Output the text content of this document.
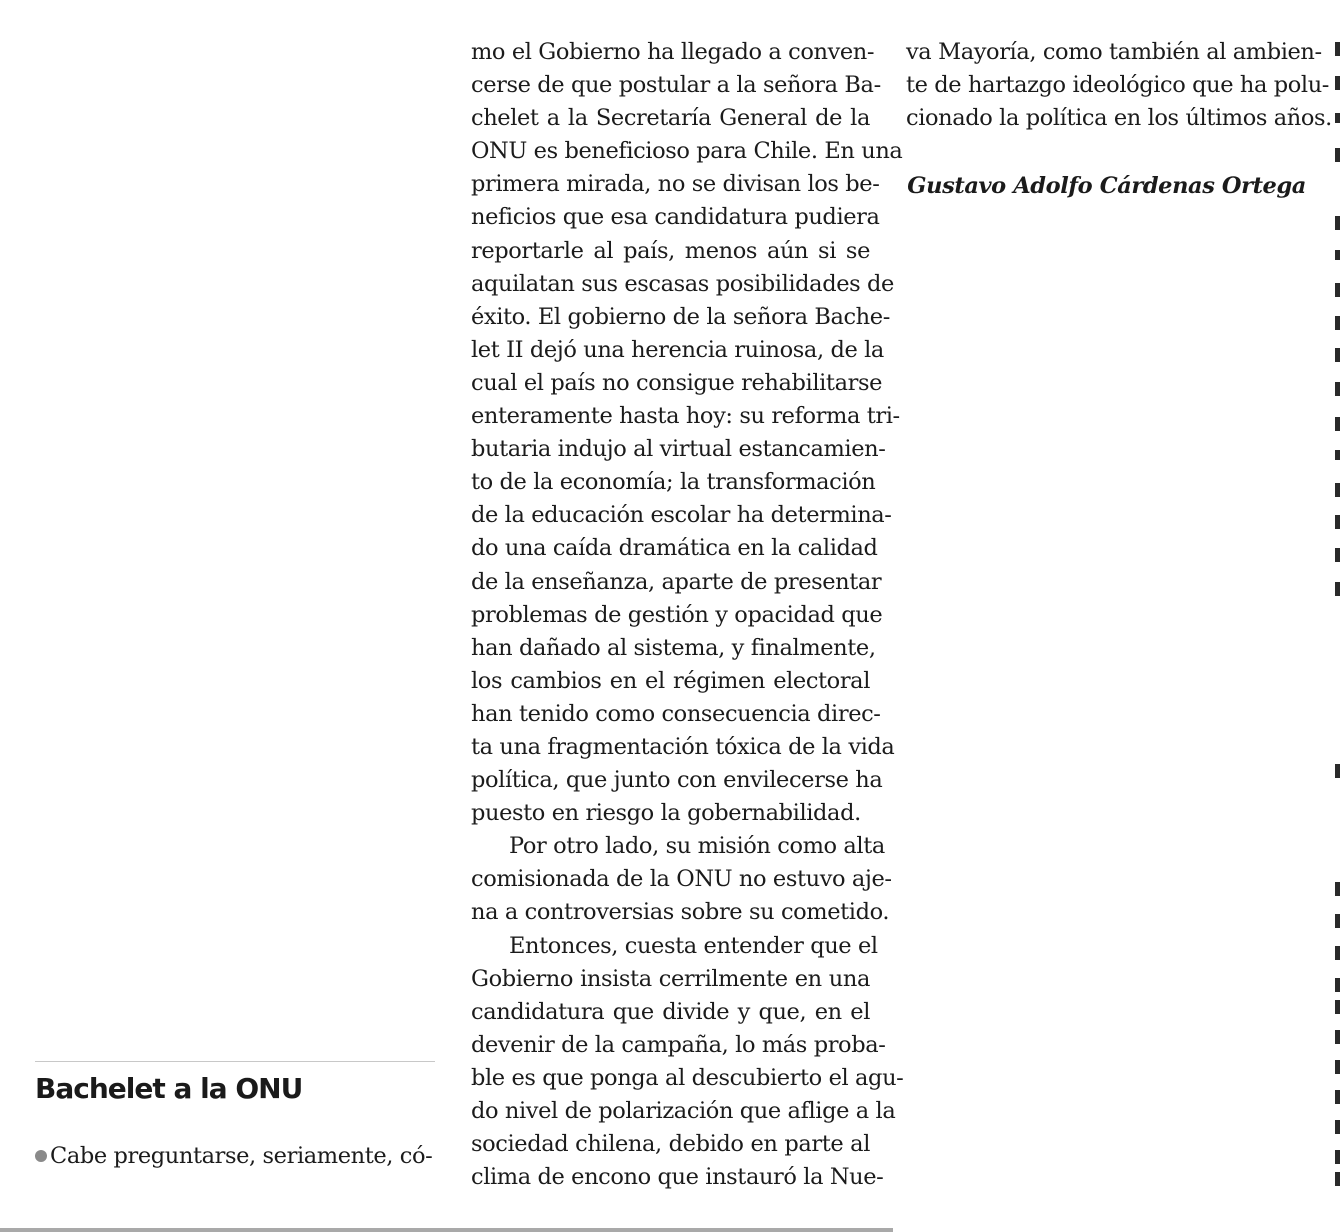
Bachelet a la ONU
Cabe preguntarse, seriamente, có-
mo el Gobierno ha llegado a conven-
cerse de que postular a la señora Ba-
chelet a la Secretaría General de la
ONU es beneficioso para Chile. En una
primera mirada, no se divisan los be-
neficios que esa candidatura pudiera
reportarle al país, menos aún si se
aquilatan sus escasas posibilidades de
éxito. El gobierno de la señora Bache-
let II dejó una herencia ruinosa, de la
cual el país no consigue rehabilitarse
enteramente hasta hoy: su reforma tri-
butaria indujo al virtual estancamien-
to de la economía; la transformación
de la educación escolar ha determina-
do una caída dramática en la calidad
de la enseñanza, aparte de presentar
problemas de gestión y opacidad que
han dañado al sistema, y finalmente,
los cambios en el régimen electoral
han tenido como consecuencia direc-
ta una fragmentación tóxica de la vida
política, que junto con envilecerse ha
puesto en riesgo la gobernabilidad.
Por otro lado, su misión como alta
comisionada de la ONU no estuvo aje-
na a controversias sobre su cometido.
Entonces, cuesta entender que el
Gobierno insista cerrilmente en una
candidatura que divide y que, en el
devenir de la campaña, lo más proba-
ble es que ponga al descubierto el agu-
do nivel de polarización que aflige a la
sociedad chilena, debido en parte al
clima de encono que instauró la Nue-
va Mayoría, como también al ambien-
te de hartazgo ideológico que ha polu-
cionado la política en los últimos años.
Gustavo Adolfo Cárdenas Ortega
